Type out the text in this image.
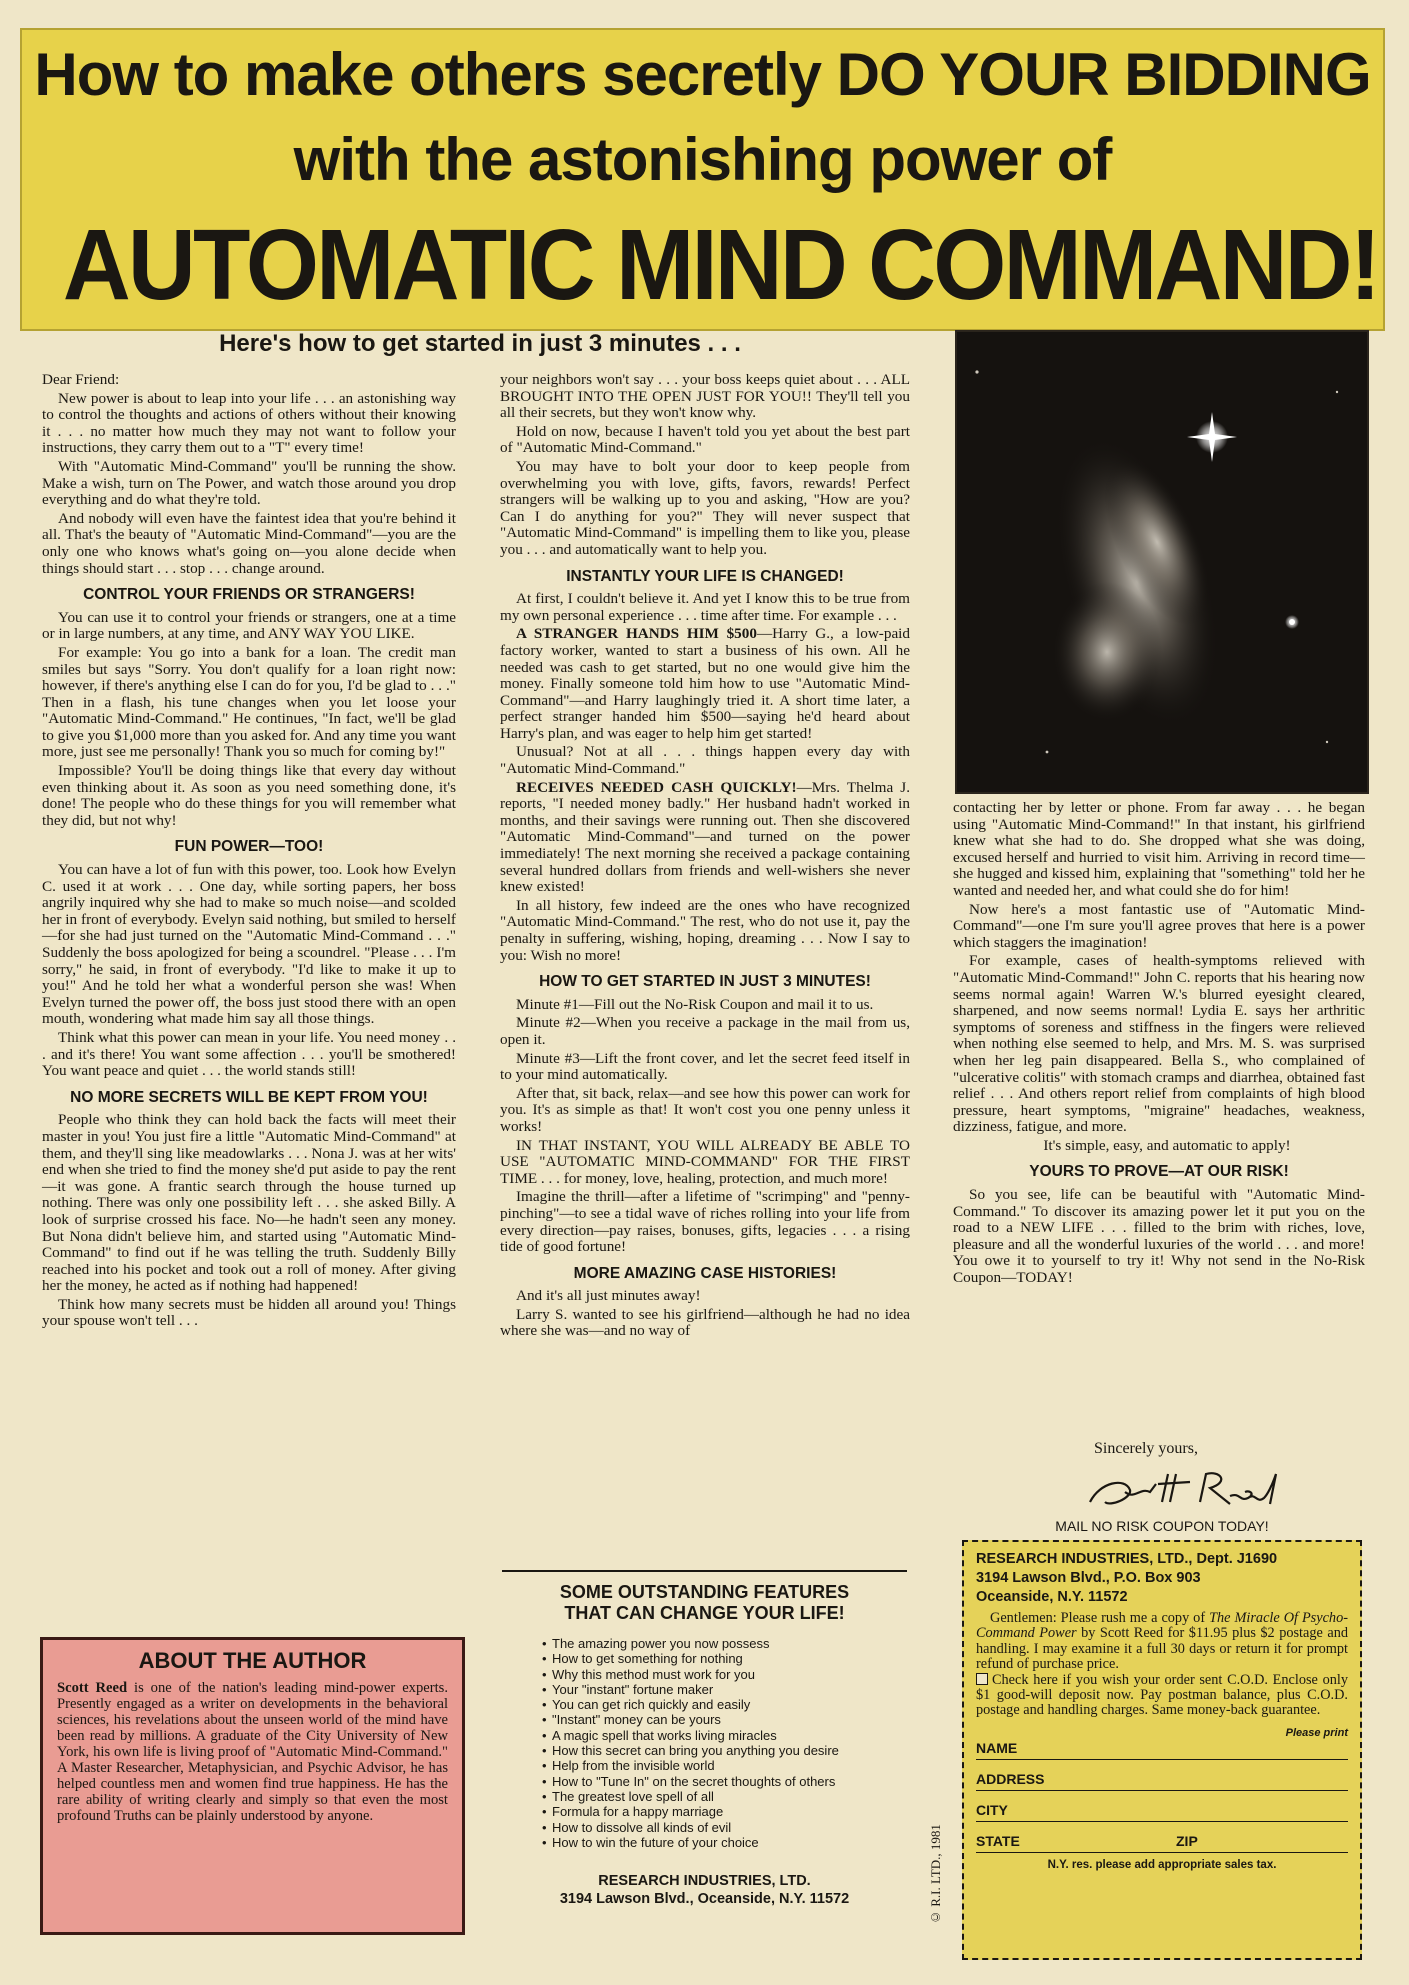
How to make others secretly DO YOUR BIDDING
with the astonishing power of
AUTOMATIC MIND COMMAND!
Here's how to get started in just 3 minutes . . .

Dear Friend:

New power is about to leap into your life . . . an astonishing way to control the thoughts and actions of others without their knowing it . . . no matter how much they may not want to follow your instructions, they carry them out to a "T" every time!

With "Automatic Mind-Command" you'll be running the show. Make a wish, turn on The Power, and watch those around you drop everything and do what they're told.

And nobody will even have the faintest idea that you're behind it all. That's the beauty of "Automatic Mind-Command"—you are the only one who knows what's going on—you alone decide when things should start . . . stop . . . change around.

CONTROL YOUR FRIENDS OR STRANGERS!

You can use it to control your friends or strangers, one at a time or in large numbers, at any time, and ANY WAY YOU LIKE.

For example: You go into a bank for a loan. The credit man smiles but says "Sorry. You don't qualify for a loan right now: however, if there's anything else I can do for you, I'd be glad to . . ." Then in a flash, his tune changes when you let loose your "Automatic Mind-Command." He continues, "In fact, we'll be glad to give you $1,000 more than you asked for. And any time you want more, just see me personally! Thank you so much for coming by!"

Impossible? You'll be doing things like that every day without even thinking about it. As soon as you need something done, it's done! The people who do these things for you will remember what they did, but not why!

FUN POWER—TOO!

You can have a lot of fun with this power, too. Look how Evelyn C. used it at work . . . One day, while sorting papers, her boss angrily inquired why she had to make so much noise—and scolded her in front of everybody. Evelyn said nothing, but smiled to herself—for she had just turned on the "Automatic Mind-Command . . ." Suddenly the boss apologized for being a scoundrel. "Please . . . I'm sorry," he said, in front of everybody. "I'd like to make it up to you!" And he told her what a wonderful person she was! When Evelyn turned the power off, the boss just stood there with an open mouth, wondering what made him say all those things.

Think what this power can mean in your life. You need money . . . and it's there! You want some affection . . . you'll be smothered! You want peace and quiet . . . the world stands still!

NO MORE SECRETS WILL BE KEPT FROM YOU!

People who think they can hold back the facts will meet their master in you! You just fire a little "Automatic Mind-Command" at them, and they'll sing like meadowlarks . . . Nona J. was at her wits' end when she tried to find the money she'd put aside to pay the rent—it was gone. A frantic search through the house turned up nothing. There was only one possibility left . . . she asked Billy. A look of surprise crossed his face. No—he hadn't seen any money. But Nona didn't believe him, and started using "Automatic Mind-Command" to find out if he was telling the truth. Suddenly Billy reached into his pocket and took out a roll of money. After giving her the money, he acted as if nothing had happened!

Think how many secrets must be hidden all around you! Things your spouse won't tell . . .

your neighbors won't say . . . your boss keeps quiet about . . . ALL BROUGHT INTO THE OPEN JUST FOR YOU!! They'll tell you all their secrets, but they won't know why.

Hold on now, because I haven't told you yet about the best part of "Automatic Mind-Command."

You may have to bolt your door to keep people from overwhelming you with love, gifts, favors, rewards! Perfect strangers will be walking up to you and asking, "How are you? Can I do anything for you?" They will never suspect that "Automatic Mind-Command" is impelling them to like you, please you . . . and automatically want to help you.

INSTANTLY YOUR LIFE IS CHANGED!

At first, I couldn't believe it. And yet I know this to be true from my own personal experience . . . time after time. For example . . .

A STRANGER HANDS HIM $500—Harry G., a low-paid factory worker, wanted to start a business of his own. All he needed was cash to get started, but no one would give him the money. Finally someone told him how to use "Automatic Mind-Command"—and Harry laughingly tried it. A short time later, a perfect stranger handed him $500—saying he'd heard about Harry's plan, and was eager to help him get started!

Unusual? Not at all . . . things happen every day with "Automatic Mind-Command."

RECEIVES NEEDED CASH QUICKLY!—Mrs. Thelma J. reports, "I needed money badly." Her husband hadn't worked in months, and their savings were running out. Then she discovered "Automatic Mind-Command"—and turned on the power immediately! The next morning she received a package containing several hundred dollars from friends and well-wishers she never knew existed!

In all history, few indeed are the ones who have recognized "Automatic Mind-Command." The rest, who do not use it, pay the penalty in suffering, wishing, hoping, dreaming . . . Now I say to you: Wish no more!

HOW TO GET STARTED IN JUST 3 MINUTES!

Minute #1—Fill out the No-Risk Coupon and mail it to us.

Minute #2—When you receive a package in the mail from us, open it.

Minute #3—Lift the front cover, and let the secret feed itself in to your mind automatically.

After that, sit back, relax—and see how this power can work for you. It's as simple as that! It won't cost you one penny unless it works!

IN THAT INSTANT, YOU WILL ALREADY BE ABLE TO USE "AUTOMATIC MIND-COMMAND" FOR THE FIRST TIME . . . for money, love, healing, protection, and much more!

Imagine the thrill—after a lifetime of "scrimping" and "penny-pinching"—to see a tidal wave of riches rolling into your life from every direction—pay raises, bonuses, gifts, legacies . . . a rising tide of good fortune!

MORE AMAZING CASE HISTORIES!

And it's all just minutes away!

Larry S. wanted to see his girlfriend—although he had no idea where she was—and no way of

contacting her by letter or phone. From far away . . . he began using "Automatic Mind-Command!" In that instant, his girlfriend knew what she had to do. She dropped what she was doing, excused herself and hurried to visit him. Arriving in record time—she hugged and kissed him, explaining that "something" told her he wanted and needed her, and what could she do for him!

Now here's a most fantastic use of "Automatic Mind-Command"—one I'm sure you'll agree proves that here is a power which staggers the imagination!

For example, cases of health-symptoms relieved with "Automatic Mind-Command!" John C. reports that his hearing now seems normal again! Warren W.'s blurred eyesight cleared, sharpened, and now seems normal! Lydia E. says her arthritic symptoms of soreness and stiffness in the fingers were relieved when nothing else seemed to help, and Mrs. M. S. was surprised when her leg pain disappeared. Bella S., who complained of "ulcerative colitis" with stomach cramps and diarrhea, obtained fast relief . . . And others report relief from complaints of high blood pressure, heart symptoms, "migraine" headaches, weakness, dizziness, fatigue, and more.

It's simple, easy, and automatic to apply!

YOURS TO PROVE—AT OUR RISK!

So you see, life can be beautiful with "Automatic Mind-Command." To discover its amazing power let it put you on the road to a NEW LIFE . . . filled to the brim with riches, love, pleasure and all the wonderful luxuries of the world . . . and more! You owe it to yourself to try it! Why not send in the No-Risk Coupon—TODAY!

Sincerely yours,
ABOUT THE AUTHOR
Scott Reed is one of the nation's leading mind-power experts. Presently engaged as a writer on developments in the behavioral sciences, his revelations about the unseen world of the mind have been read by millions. A graduate of the City University of New York, his own life is living proof of "Automatic Mind-Command." A Master Researcher, Metaphysician, and Psychic Advisor, he has helped countless men and women find true happiness. He has the rare ability of writing clearly and simply so that even the most profound Truths can be plainly understood by anyone.
SOME OUTSTANDING FEATURES
THAT CAN CHANGE YOUR LIFE!
• The amazing power you now possess
• How to get something for nothing
• Why this method must work for you
• Your "instant" fortune maker
• You can get rich quickly and easily
• "Instant" money can be yours
• A magic spell that works living miracles
• How this secret can bring you anything you desire
• Help from the invisible world
• How to "Tune In" on the secret thoughts of others
• The greatest love spell of all
• Formula for a happy marriage
• How to dissolve all kinds of evil
• How to win the future of your choice
RESEARCH INDUSTRIES, LTD.
3194 Lawson Blvd., Oceanside, N.Y. 11572	© R.I. LTD., 1981
MAIL NO RISK COUPON TODAY!
RESEARCH INDUSTRIES, LTD., Dept. J1690
3194 Lawson Blvd., P.O. Box 903
Oceanside, N.Y. 11572

Gentlemen: Please rush me a copy of The Miracle Of Psycho-Command Power by Scott Reed for $11.95 plus $2 postage and handling. I may examine it a full 30 days or return it for prompt refund of purchase price.

Check here if you wish your order sent C.O.D. Enclose only $1 good-will deposit now. Pay postman balance, plus C.O.D. postage and handling charges. Same money-back guarantee.

NAME
Please print
ADDRESS
CITY
STATE	ZIP
N.Y. res. please add appropriate sales tax.
